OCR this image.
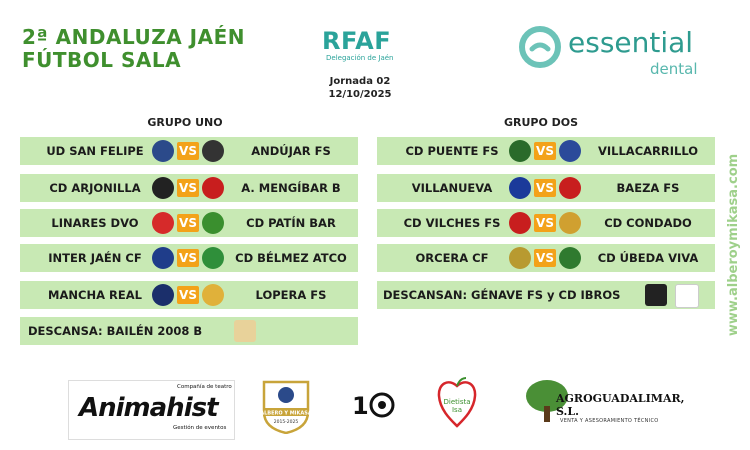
2ª ANDALUZA JAÉN
FÚTBOL SALA
RFAF
Delegación de Jaén
Jornada 02
12/10/2025
essential
dental
GRUPO UNO	GRUPO DOS
UD SAN FELIPE	VS	ANDÚJAR FS
CD ARJONILLA	VS	A. MENGÍBAR B
LINARES DVO	VS	CD PATÍN BAR
INTER JAÉN CF	VS	CD BÉLMEZ ATCO
MANCHA REAL	VS	LOPERA FS
CD PUENTE FS	VS	VILLACARRILLO
VILLANUEVA	VS	BAEZA FS
CD VILCHES FS	VS	CD CONDADO
ORCERA CF	VS	CD ÚBEDA VIVA
DESCANSA: BAILÉN 2008 B
DESCANSAN: GÉNAVE FS y CD IBROS	www.alberoymikasa.com
Compañía de teatro
Animahist
Gestión de eventos
ALBERO Y MIKASA
2015-2025
1	Dietista
Isa
AGROGUADALIMAR, S.L.
VENTA Y ASESORAMIENTO TÉCNICO
